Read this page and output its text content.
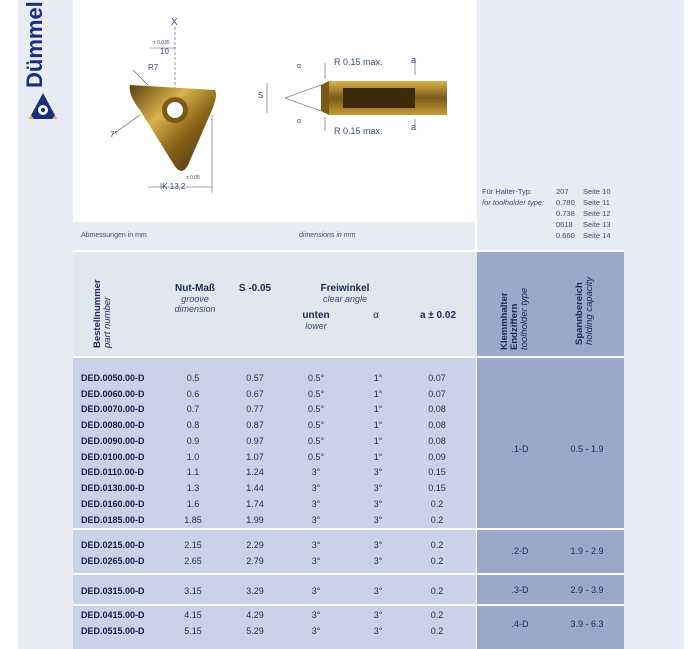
Dümmel	X
± 0.035
10
R7
7°
± 0.05
IK 13,2
α
α
S
R 0.15 max.
R 0.15 max.
a
a
Abmessungen in mm	dimensions in mm
Für Halter-Typ:	207	Seite 10
for toolholder type:	0.780	Seite 11
0.738	Seite 12
0618	Seite 13
0.660	Seite 14
Bestellnummer
part number
Nut-Maß
groove
dimension
S -0.05	Freiwinkel
clear angle
unten
lower
α	a ± 0.02	Klemmhalter
Endziffern
toolholder type	Spannbereich
holding capacity
DED.0050.00-D	0.5	0.57	0.5°	1°	0.07
DED.0060.00-D	0.6	0.67	0.5°	1°	0.07
DED.0070.00-D	0.7	0.77	0.5°	1°	0.08
DED.0080.00-D	0.8	0.87	0.5°	1°	0.08
DED.0090.00-D	0.9	0.97	0.5°	1°	0.08
DED.0100.00-D	1.0	1.07	0.5°	1°	0.09
DED.0110.00-D	1.1	1.24	3°	3°	0.15
DED.0130.00-D	1.3	1.44	3°	3°	0.15
DED.0160.00-D	1.6	1.74	3°	3°	0.2
DED.0185.00-D	1.85	1.99	3°	3°	0.2
DED.0215.00-D	2.15	2.29	3°	3°	0.2
DED.0265.00-D	2.65	2.79	3°	3°	0.2
DED.0315.00-D	3.15	3.29	3°	3°	0.2
DED.0415.00-D	4.15	4.29	3°	3°	0.2
DED.0515.00-D	5.15	5.29	3°	3°	0.2
.1-D	0.5 - 1.9
.2-D	1.9 - 2.9
.3-D	2.9 - 3.9
.4-D	3.9 - 6.3
